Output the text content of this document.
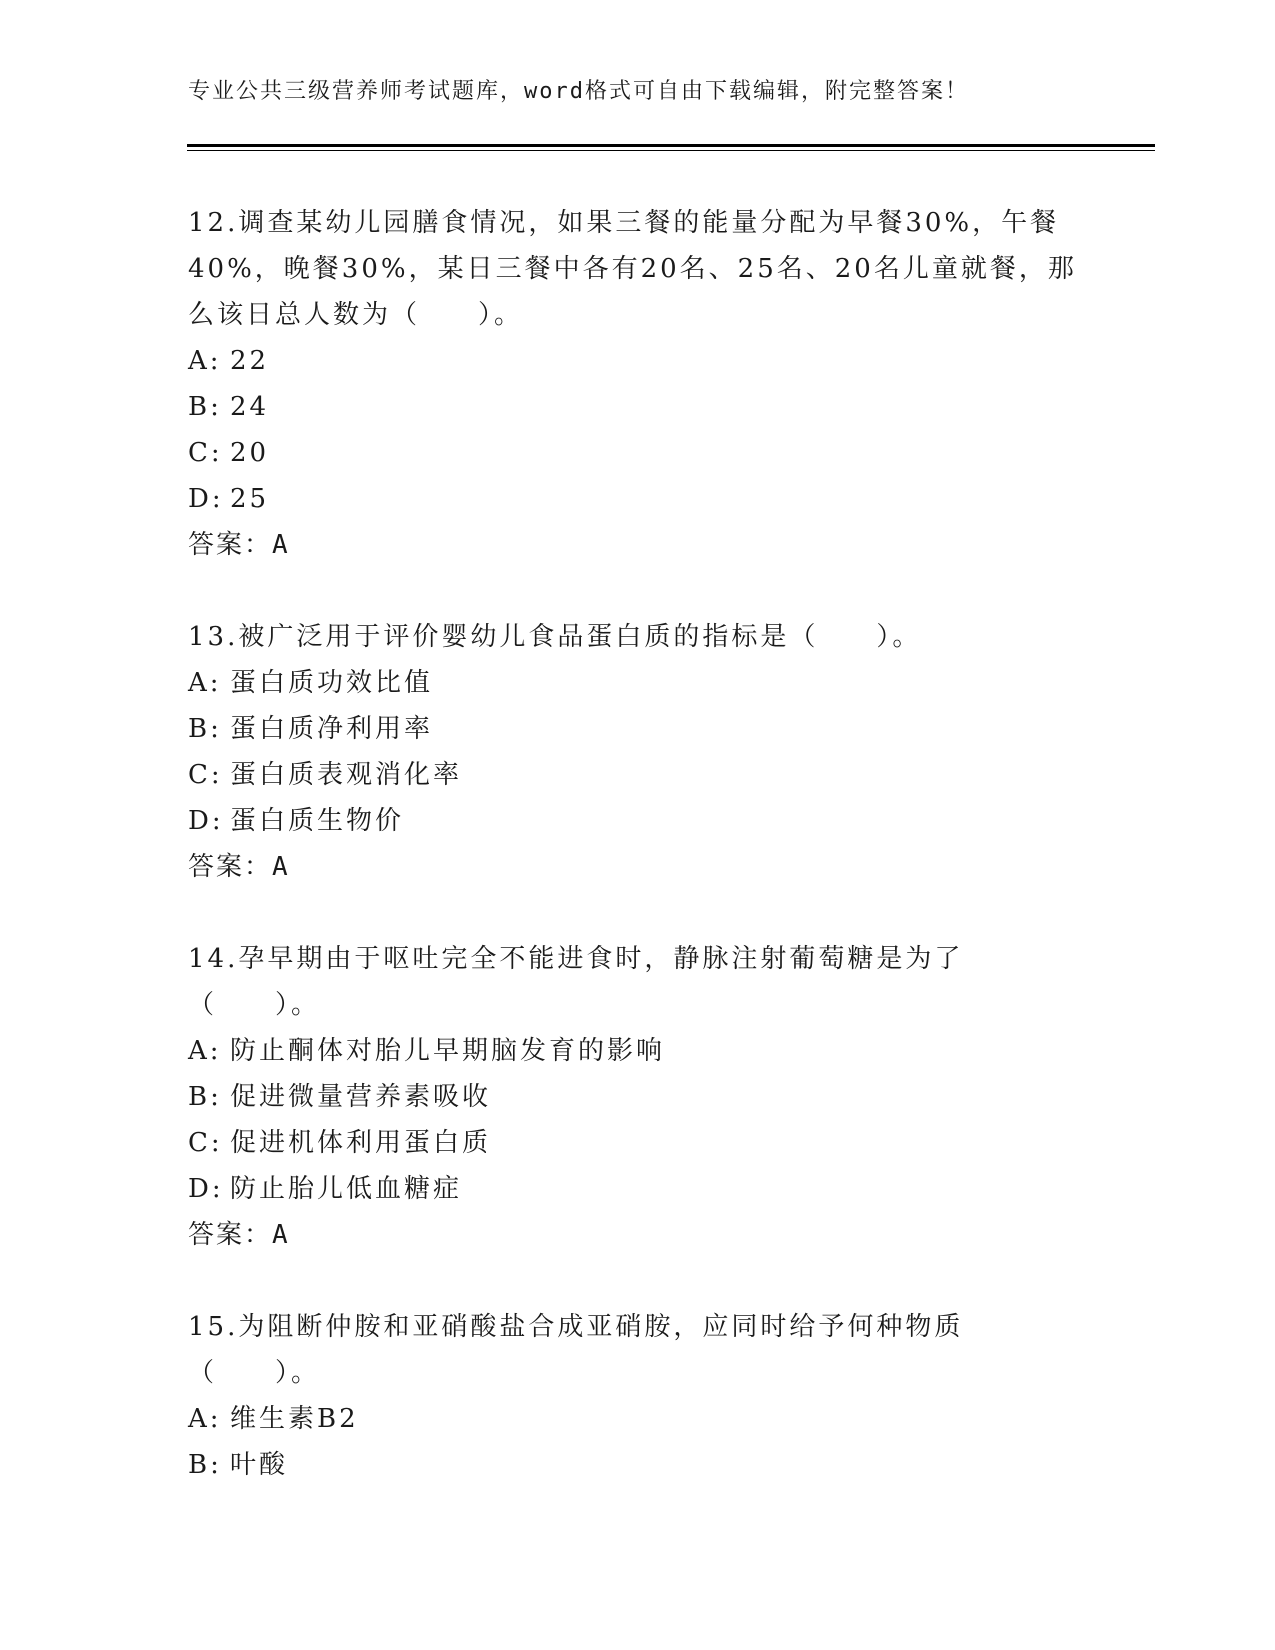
专业公共三级营养师考试题库，word格式可自由下载编辑，附完整答案！

12.调查某幼儿园膳食情况，如果三餐的能量分配为早餐30%，午餐40%，晚餐30%，某日三餐中各有20名、25名、20名儿童就餐，那么该日总人数为（　　）。

A: 22
B: 24
C: 20
D: 25
答案：A

13.被广泛用于评价婴幼儿食品蛋白质的指标是（　　）。

A: 蛋白质功效比值
B: 蛋白质净利用率
C: 蛋白质表观消化率
D: 蛋白质生物价
答案：A

14.孕早期由于呕吐完全不能进食时，静脉注射葡萄糖是为了（　　）。

A: 防止酮体对胎儿早期脑发育的影响
B: 促进微量营养素吸收
C: 促进机体利用蛋白质
D: 防止胎儿低血糖症
答案：A

15.为阻断仲胺和亚硝酸盐合成亚硝胺，应同时给予何种物质（　　）。

A: 维生素B2
B: 叶酸
